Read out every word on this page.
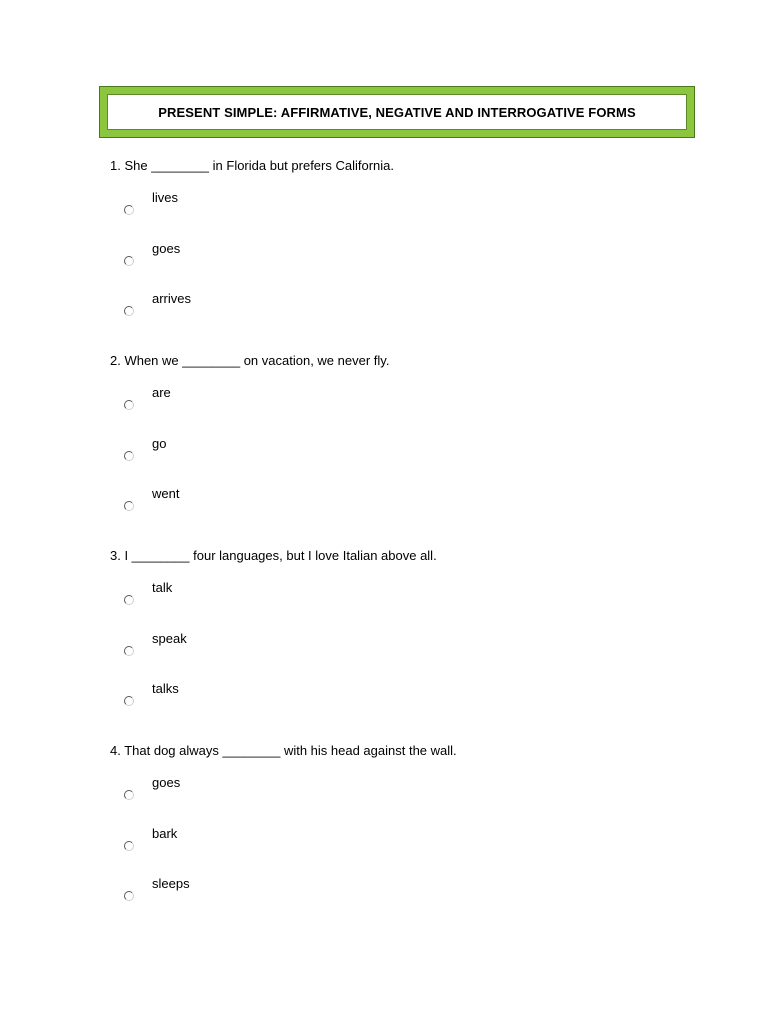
PRESENT SIMPLE: AFFIRMATIVE, NEGATIVE AND INTERROGATIVE FORMS
1. She ________ in Florida but prefers California.
lives
goes
arrives
2. When we ________ on vacation, we never fly.
are
go
went
3. I ________ four languages, but I love Italian above all.
talk
speak
talks
4. That dog always ________ with his head against the wall.
goes
bark
sleeps
